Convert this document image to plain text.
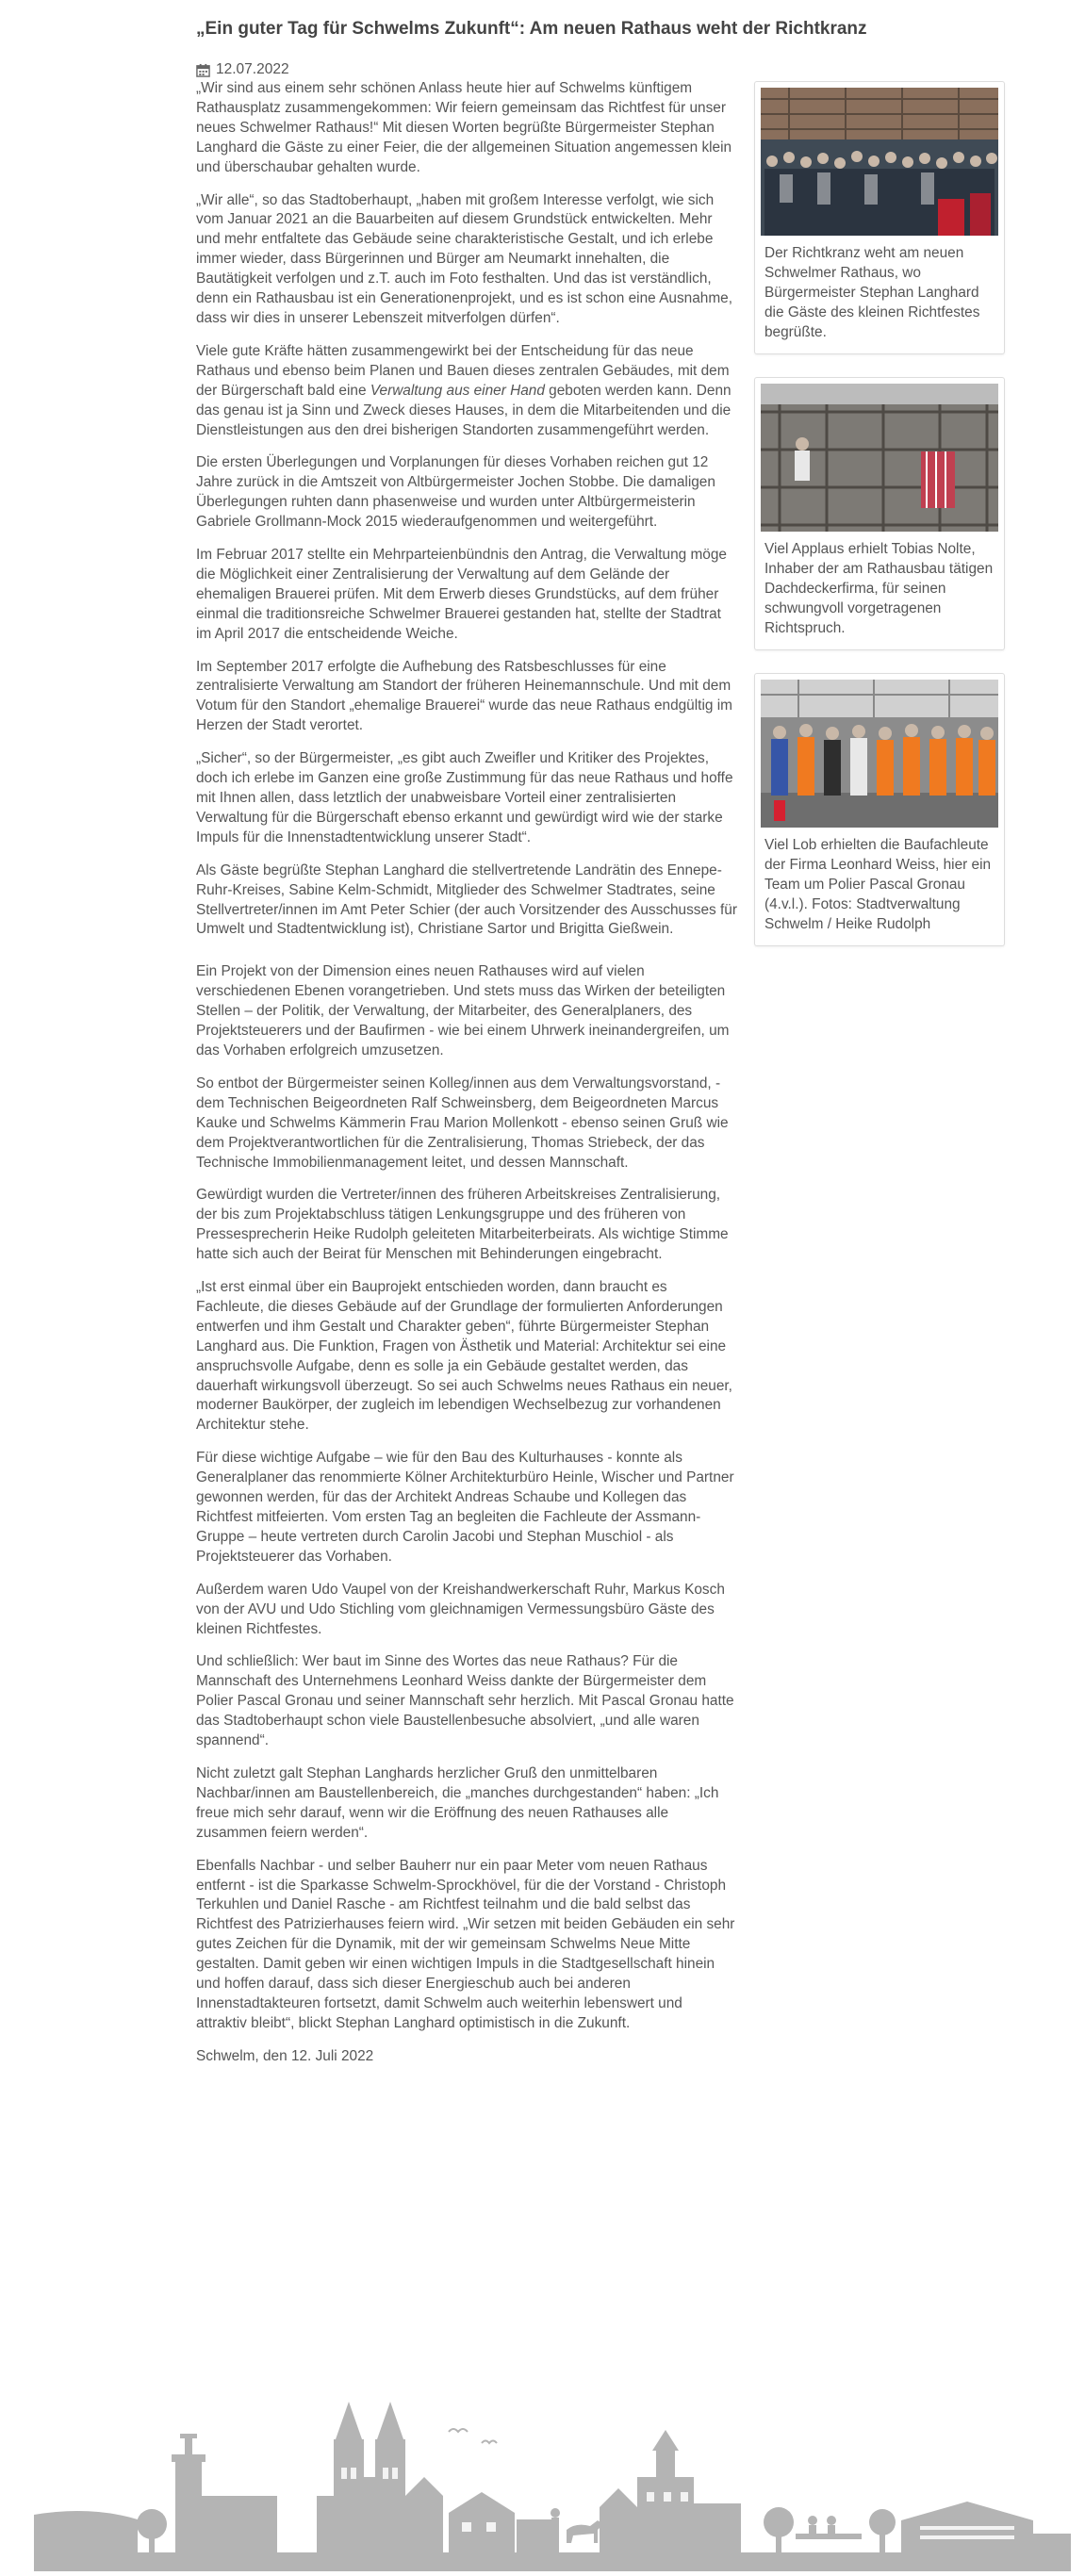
„Ein guter Tag für Schwelms Zukunft“: Am neuen Rathaus weht der Richtkranz
12.07.2022

„Wir sind aus einem sehr schönen Anlass heute hier auf Schwelms künftigem Rathausplatz zusammengekommen: Wir feiern gemeinsam das Richtfest für unser neues Schwelmer Rathaus!“ Mit diesen Worten begrüßte Bürgermeister Stephan Langhard die Gäste zu einer Feier, die der allgemeinen Situation angemessen klein und überschaubar gehalten wurde.

„Wir alle“, so das Stadtoberhaupt, „haben mit großem Interesse verfolgt, wie sich vom Januar 2021 an die Bauarbeiten auf diesem Grundstück entwickelten. Mehr und mehr entfaltete das Gebäude seine charakteristische Gestalt, und ich erlebe immer wieder, dass Bürgerinnen und Bürger am Neumarkt innehalten, die Bautätigkeit verfolgen und z.T. auch im Foto festhalten. Und das ist verständlich, denn ein Rathausbau ist ein Generationenprojekt, und es ist schon eine Ausnahme, dass wir dies in unserer Lebenszeit mitverfolgen dürfen“.

Viele gute Kräfte hätten zusammengewirkt bei der Entscheidung für das neue Rathaus und ebenso beim Planen und Bauen dieses zentralen Gebäudes, mit dem der Bürgerschaft bald eine Verwaltung aus einer Hand geboten werden kann. Denn das genau ist ja Sinn und Zweck dieses Hauses, in dem die Mitarbeitenden und die Dienstleistungen aus den drei bisherigen Standorten zusammengeführt werden.

Die ersten Überlegungen und Vorplanungen für dieses Vorhaben reichen gut 12 Jahre zurück in die Amtszeit von Altbürgermeister Jochen Stobbe. Die damaligen Überlegungen ruhten dann phasenweise und wurden unter Altbürgermeisterin Gabriele Grollmann-Mock 2015 wiederaufgenommen und weitergeführt.

Im Februar 2017 stellte ein Mehrparteienbündnis den Antrag, die Verwaltung möge die Möglichkeit einer Zentralisierung der Verwaltung auf dem Gelände der ehemaligen Brauerei prüfen. Mit dem Erwerb dieses Grundstücks, auf dem früher einmal die traditionsreiche Schwelmer Brauerei gestanden hat, stellte der Stadtrat im April 2017 die entscheidende Weiche.

Im September 2017 erfolgte die Aufhebung des Ratsbeschlusses für eine zentralisierte Verwaltung am Standort der früheren Heinemannschule. Und mit dem Votum für den Standort „ehemalige Brauerei“ wurde das neue Rathaus endgültig im Herzen der Stadt verortet.

„Sicher“, so der Bürgermeister, „es gibt auch Zweifler und Kritiker des Projektes, doch ich erlebe im Ganzen eine große Zustimmung für das neue Rathaus und hoffe mit Ihnen allen, dass letztlich der unabweisbare Vorteil einer zentralisierten Verwaltung für die Bürgerschaft ebenso erkannt und gewürdigt wird wie der starke Impuls für die Innenstadtentwicklung unserer Stadt“.

Als Gäste begrüßte Stephan Langhard die stellvertretende Landrätin des Ennepe-Ruhr-Kreises, Sabine Kelm-Schmidt, Mitglieder des Schwelmer Stadtrates, seine Stellvertreter/innen im Amt Peter Schier (der auch Vorsitzender des Ausschusses für Umwelt und Stadtentwicklung ist), Christiane Sartor und Brigitta Gießwein.

Ein Projekt von der Dimension eines neuen Rathauses wird auf vielen verschiedenen Ebenen vorangetrieben. Und stets muss das Wirken der beteiligten Stellen – der Politik, der Verwaltung, der Mitarbeiter, des Generalplaners, des Projektsteuerers und der Baufirmen - wie bei einem Uhrwerk ineinandergreifen, um das Vorhaben erfolgreich umzusetzen.

So entbot der Bürgermeister seinen Kolleg/innen aus dem Verwaltungsvorstand, - dem Technischen Beigeordneten Ralf Schweinsberg, dem Beigeordneten Marcus Kauke und Schwelms Kämmerin Frau Marion Mollenkott - ebenso seinen Gruß wie dem Projektverantwortlichen für die Zentralisierung, Thomas Striebeck, der das Technische Immobilienmanagement leitet, und dessen Mannschaft.

Gewürdigt wurden die Vertreter/innen des früheren Arbeitskreises Zentralisierung, der bis zum Projektabschluss tätigen Lenkungsgruppe und des früheren von Pressesprecherin Heike Rudolph geleiteten Mitarbeiterbeirats. Als wichtige Stimme hatte sich auch der Beirat für Menschen mit Behinderungen eingebracht.

„Ist erst einmal über ein Bauprojekt entschieden worden, dann braucht es Fachleute, die dieses Gebäude auf der Grundlage der formulierten Anforderungen entwerfen und ihm Gestalt und Charakter geben“, führte Bürgermeister Stephan Langhard aus. Die Funktion, Fragen von Ästhetik und Material: Architektur sei eine anspruchsvolle Aufgabe, denn es solle ja ein Gebäude gestaltet werden, das dauerhaft wirkungsvoll überzeugt. So sei auch Schwelms neues Rathaus ein neuer, moderner Baukörper, der zugleich im lebendigen Wechselbezug zur vorhandenen Architektur stehe.

Für diese wichtige Aufgabe – wie für den Bau des Kulturhauses - konnte als Generalplaner das renommierte Kölner Architekturbüro Heinle, Wischer und Partner gewonnen werden, für das der Architekt Andreas Schaube und Kollegen das Richtfest mitfeierten. Vom ersten Tag an begleiten die Fachleute der Assmann-Gruppe – heute vertreten durch Carolin Jacobi und Stephan Muschiol - als Projektsteuerer das Vorhaben.

Außerdem waren Udo Vaupel von der Kreishandwerkerschaft Ruhr, Markus Kosch von der AVU und Udo Stichling vom gleichnamigen Vermessungsbüro Gäste des kleinen Richtfestes.

Und schließlich: Wer baut im Sinne des Wortes das neue Rathaus? Für die Mannschaft des Unternehmens Leonhard Weiss dankte der Bürgermeister dem Polier Pascal Gronau und seiner Mannschaft sehr herzlich. Mit Pascal Gronau hatte das Stadtoberhaupt schon viele Baustellenbesuche absolviert, „und alle waren spannend“.

Nicht zuletzt galt Stephan Langhards herzlicher Gruß den unmittelbaren Nachbar/innen am Baustellenbereich, die „manches durchgestanden“ haben: „Ich freue mich sehr darauf, wenn wir die Eröffnung des neuen Rathauses alle zusammen feiern werden“.

Ebenfalls Nachbar - und selber Bauherr nur ein paar Meter vom neuen Rathaus entfernt - ist die Sparkasse Schwelm-Sprockhövel, für die der Vorstand - Christoph Terkuhlen und Daniel Rasche - am Richtfest teilnahm und die bald selbst das Richtfest des Patrizierhauses feiern wird. „Wir setzen mit beiden Gebäuden ein sehr gutes Zeichen für die Dynamik, mit der wir gemeinsam Schwelms Neue Mitte gestalten. Damit geben wir einen wichtigen Impuls in die Stadtgesellschaft hinein und hoffen darauf, dass sich dieser Energieschub auch bei anderen Innenstadtakteuren fortsetzt, damit Schwelm auch weiterhin lebenswert und attraktiv bleibt“, blickt Stephan Langhard optimistisch in die Zukunft.

Schwelm, den 12. Juli 2022

Der Richtkranz weht am neuen Schwelmer Rathaus, wo Bürgermeister Stephan Langhard die Gäste des kleinen Richtfestes begrüßte.
Viel Applaus erhielt Tobias Nolte, Inhaber der am Rathausbau tätigen Dachdeckerfirma, für seinen schwungvoll vorgetragenen Richtspruch.
Viel Lob erhielten die Baufachleute der Firma Leonhard Weiss, hier ein Team um Polier Pascal Gronau (4.v.l.). Fotos: Stadtverwaltung Schwelm / Heike Rudolph
